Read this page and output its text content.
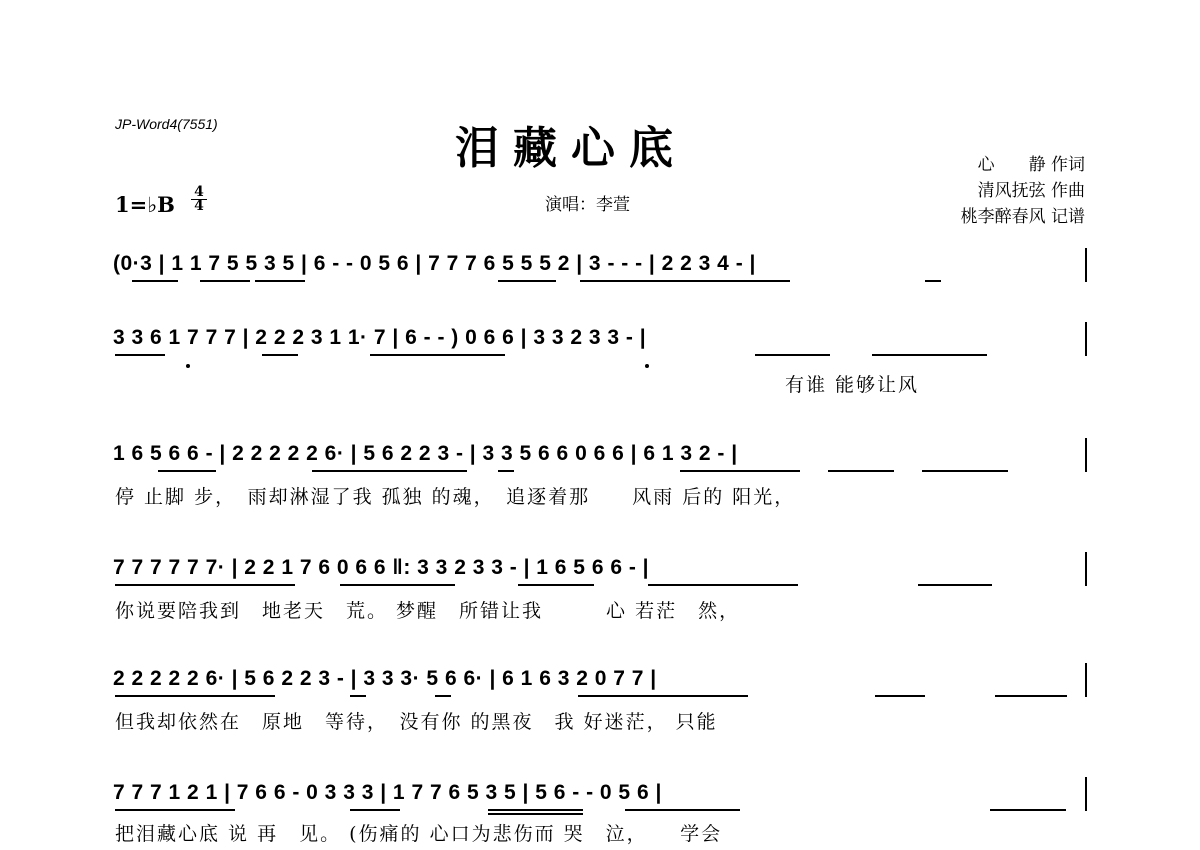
JP-Word4(7551)	泪藏心底	心　　静 作词
清风抚弦 作曲
桃李醉春风 记谱
1=♭B $\frac{4}{4}$	演唱：李萱
(0·3 | 1 1 7 5 5 3 5 | 6 - - 0 5 6 | 7 7 7 6 5 5 5 2 | 3 - - - | 2 2 3 4 - |
3 3 6 1 7 7 7 | 2 2 2 3 1 1· 7 | 6 - - ) 0 6 6 | 3 3 2 3 3 - |
有谁 能够让风
1 6 5 6 6 - | 2 2 2 2 2 6· | 5 6 2 2 3 - | 3 3 5 6 6 0 6 6 | 6 1 3 2 - |
停 止脚 步，　雨却淋湿了我 孤独 的魂，　追逐着那　　风雨 后的 阳光，
7 7 7 7 7 7· | 2 2 1 7 6 0 6 6 ‖: 3 3 2 3 3 - | 1 6 5 6 6 - |
你说要陪我到　地老天　荒。 梦醒　所错让我　　　心 若茫　然，
2 2 2 2 2 6· | 5 6 2 2 3 - | 3 3 3· 5 6 6· | 6 1 6 3 2 0 7 7 |
但我却依然在　原地　等待，　没有你 的黑夜　我 好迷茫， 只能
7 7 7 1 2 1 | 7 6 6 - 0 3 3 3 | 1 7 7 6 5 3 5 | 5 6 - - 0 5 6 |
把泪藏心底 说 再　见。 (伤痛的 心口为悲伤而 哭　泣，　　学会
